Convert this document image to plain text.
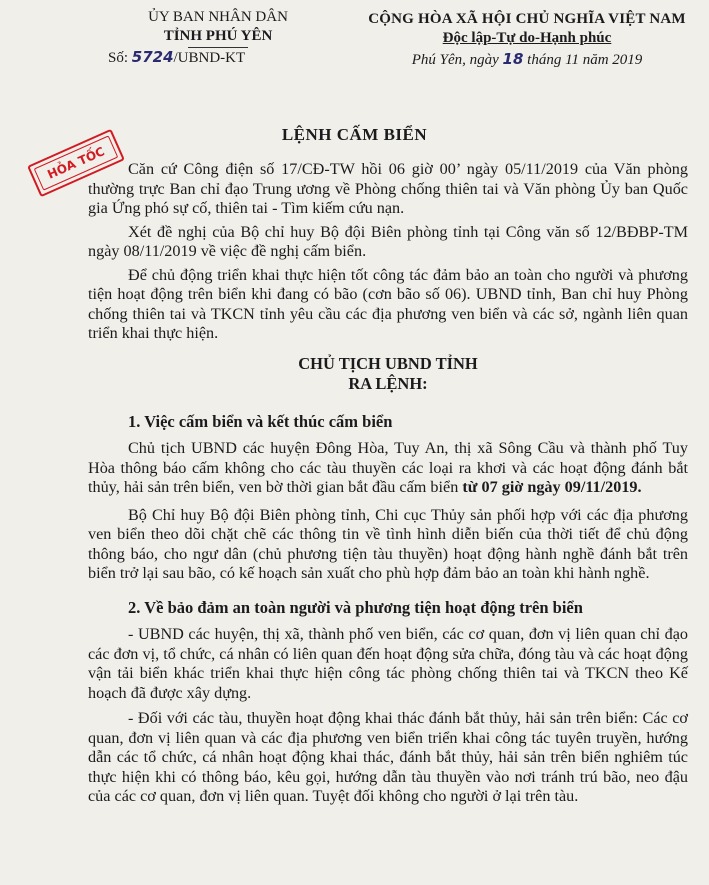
ỦY BAN NHÂN DÂN
TỈNH PHÚ YÊN
Số: 5724/UBND-KT
CỘNG HÒA XÃ HỘI CHỦ NGHĨA VIỆT NAM
Độc lập-Tự do-Hạnh phúc
Phú Yên, ngày 18 tháng 11 năm 2019
LỆNH CẤM BIỂN
HỎA TỐC	Căn cứ Công điện số 17/CĐ-TW hồi 06 giờ 00’ ngày 05/11/2019 của Văn phòng thường trực Ban chỉ đạo Trung ương về Phòng chống thiên tai và Văn phòng Ủy ban Quốc gia Ứng phó sự cố, thiên tai - Tìm kiếm cứu nạn.

Xét đề nghị của Bộ chỉ huy Bộ đội Biên phòng tỉnh tại Công văn số 12/BĐBP-TM ngày 08/11/2019 về việc đề nghị cấm biển.

Để chủ động triển khai thực hiện tốt công tác đảm bảo an toàn cho người và phương tiện hoạt động trên biển khi đang có bão (cơn bão số 06). UBND tỉnh, Ban chỉ huy Phòng chống thiên tai và TKCN tỉnh yêu cầu các địa phương ven biển và các sở, ngành liên quan triển khai thực hiện.

CHỦ TỊCH UBND TỈNH

RA LỆNH:

1. Việc cấm biển và kết thúc cấm biển

Chủ tịch UBND các huyện Đông Hòa, Tuy An, thị xã Sông Cầu và thành phố Tuy Hòa thông báo cấm không cho các tàu thuyền các loại ra khơi và các hoạt động đánh bắt thủy, hải sản trên biển, ven bờ thời gian bắt đầu cấm biển từ 07 giờ ngày 09/11/2019.

Bộ Chỉ huy Bộ đội Biên phòng tỉnh, Chi cục Thủy sản phối hợp với các địa phương ven biển theo dõi chặt chẽ các thông tin về tình hình diễn biến của thời tiết để chủ động thông báo, cho ngư dân (chủ phương tiện tàu thuyền) hoạt động hành nghề đánh bắt trên biển trở lại sau bão, có kế hoạch sản xuất cho phù hợp đảm bảo an toàn khi hành nghề.

2. Về bảo đảm an toàn người và phương tiện hoạt động trên biển

- UBND các huyện, thị xã, thành phố ven biển, các cơ quan, đơn vị liên quan chỉ đạo các đơn vị, tổ chức, cá nhân có liên quan đến hoạt động sửa chữa, đóng tàu và các hoạt động vận tải biển khác triển khai thực hiện công tác phòng chống thiên tai và TKCN theo Kế hoạch đã được xây dựng.

- Đối với các tàu, thuyền hoạt động khai thác đánh bắt thủy, hải sản trên biển: Các cơ quan, đơn vị liên quan và các địa phương ven biển triển khai công tác tuyên truyền, hướng dẫn các tổ chức, cá nhân hoạt động khai thác, đánh bắt thủy, hải sản trên biển nghiêm túc thực hiện khi có thông báo, kêu gọi, hướng dẫn tàu thuyền vào nơi tránh trú bão, neo đậu của các cơ quan, đơn vị liên quan. Tuyệt đối không cho người ở lại trên tàu.
